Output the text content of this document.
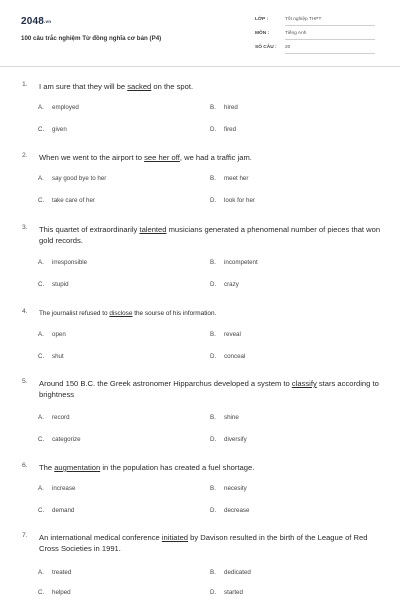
2048.vn
100 câu trắc nghiệm Từ đồng nghĩa cơ bản (P4)
LỚP :	Tốt nghiệp THPT
MÔN :	Tiếng Anh
SỐ CÂU : 20
1. I am sure that they will be sacked on the spot.
A. employed	B. hired
C. given	D. fired
2. When we went to the airport to see her off, we had a traffic jam.
A. say good bye to her	B. meet her
C. take care of her	D. look for her
3. This quartet of extraordinarily talented musicians generated a phenomenal number of pieces that won gold records.
A. irresponsible	B. incompetent
C. stupid	D. crazy
4. The journalist refused to disclose the sourse of his information.
A. open	B. reveal
C. shut	D. conceal
5. Around 150 B.C. the Greek astronomer Hipparchus developed a system to classify stars according to brightness
A. record	B. shine
C. categorize	D. diversify
6. The augmentation in the population has created a fuel shortage.
A. increase	B. necesity
C. demand	D. decrease
7. An international medical conference initiated by Davison resulted in the birth of the League of Red Cross Societies in 1991.
A. treated	B. dedicated
C. helped	D. started
